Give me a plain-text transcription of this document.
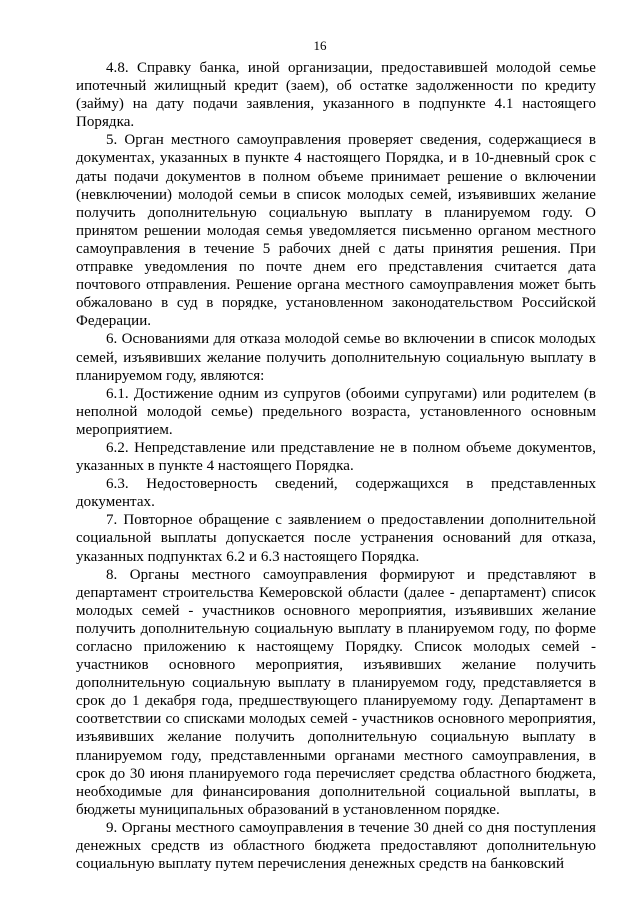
16

4.8. Справку банка, иной организации, предоставившей молодой семье ипотечный жилищный кредит (заем), об остатке задолженности по кредиту (займу) на дату подачи заявления, указанного в подпункте 4.1 настоящего Порядка.

5. Орган местного самоуправления проверяет сведения, содержащиеся в документах, указанных в пункте 4 настоящего Порядка, и в 10-дневный срок с даты подачи документов в полном объеме принимает решение о включении (невключении) молодой семьи в список молодых семей, изъявивших желание получить дополнительную социальную выплату в планируемом году. О принятом решении молодая семья уведомляется письменно органом местного самоуправления в течение 5 рабочих дней с даты принятия решения. При отправке уведомления по почте днем его представления считается дата почтового отправления. Решение органа местного самоуправления может быть обжаловано в суд в порядке, установленном законодательством Российской Федерации.

6. Основаниями для отказа молодой семье во включении в список молодых семей, изъявивших желание получить дополнительную социальную выплату в планируемом году, являются:

6.1. Достижение одним из супругов (обоими супругами) или родителем (в неполной молодой семье) предельного возраста, установленного основным мероприятием.

6.2. Непредставление или представление не в полном объеме документов, указанных в пункте 4 настоящего Порядка.

6.3. Недостоверность сведений, содержащихся в представленных документах.

7. Повторное обращение с заявлением о предоставлении дополнительной социальной выплаты допускается после устранения оснований для отказа, указанных подпунктах 6.2 и 6.3 настоящего Порядка.

8. Органы местного самоуправления формируют и представляют в департамент строительства Кемеровской области (далее - департамент) список молодых семей - участников основного мероприятия, изъявивших желание получить дополнительную социальную выплату в планируемом году, по форме согласно приложению к настоящему Порядку. Список молодых семей - участников основного мероприятия, изъявивших желание получить дополнительную социальную выплату в планируемом году, представляется в срок до 1 декабря года, предшествующего планируемому году. Департамент в соответствии со списками молодых семей - участников основного мероприятия, изъявивших желание получить дополнительную социальную выплату в планируемом году, представленными органами местного самоуправления, в срок до 30 июня планируемого года перечисляет средства областного бюджета, необходимые для финансирования дополнительной социальной выплаты, в бюджеты муниципальных образований в установленном порядке.

9. Органы местного самоуправления в течение 30 дней со дня поступления денежных средств из областного бюджета предоставляют дополнительную социальную выплату путем перечисления денежных средств на банковский
